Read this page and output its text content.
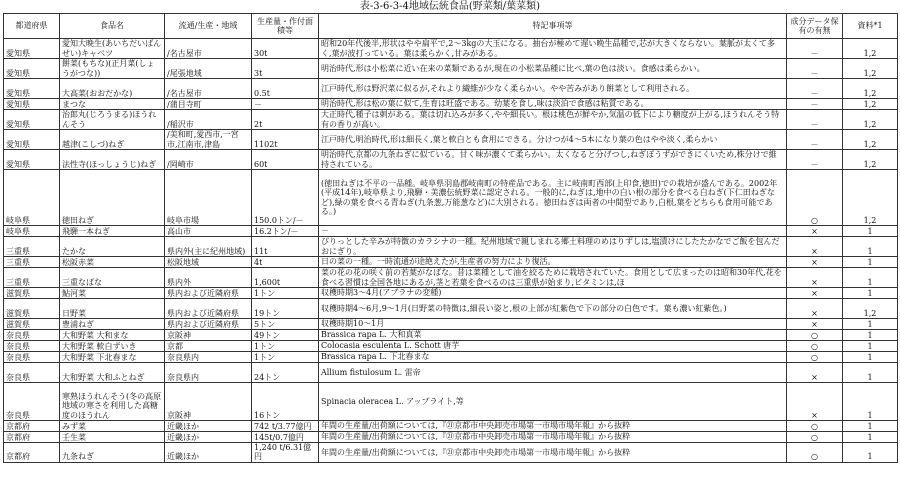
表-3-6-3-4地域伝統食品(野菜類/葉菜類)
都道府県	食品名	流通/生産・地域	生産量・作付面積等	特記事項等	成分データ保有の有無	資料*1
愛知県	愛知大晩生(あいちだいばんせい)キャベツ	/名古屋市	30t	昭和20年代後半,形状はやや扁平で,2～3kgの大玉になる。抽台が極めて遅い晩生品種で,芯が大きくならない。葉脈が太くて多く,葉が波打っている。葉は柔らかく,甘みがある。	－	1,2
愛知県	餅菜(もちな)(正月菜(しょうがつな))	/尾張地域	3t	明治時代,形は小松菜に近い在来の菜類であるが,現在の小松菜品種に比べ,葉の色は淡い。食感は柔らかい。	－	1,2
愛知県	大高菜(おおだかな)	/名古屋市	0.5t	江戸時代,形は野沢菜に似るが,それより繊維が少なく柔らかい。やや苦みがあり餅菜として利用される。	－	1,2
愛知県	まつな	/蒲目寺町	－	明治時代,形は松の葉に似て,生育は旺盛である。幼葉を食し,味は淡泊で食感は粘質である。	－	1,2
愛知県	治郎丸(じろうまる)ほうれんそう	/稲沢市	2t	大正時代,種子は刺がある。葉は切れ込みが多く,やや細長い。根は桃色が鮮やか,気温の低下により糖度が上がる,ほうれんそう特有の香りが高い。	－	1,2
愛知県	越津(こしづ)ねぎ	/美和町,愛西市,一宮市,江南市,津島	1102t	江戸時代,明治時代,形は細長く,葉と軟白とも食用にできる。分けつが4～5本になり葉の色はやや淡く,柔らかい	－	1,2
愛知県	法性寺(ほっしょうじ)ねぎ	/岡崎市	60t	明治時代,京都の九条ねぎに似ている。甘く味が濃くて柔らかい。太くなると分げつし,ねぎぼうずができにくいため,株分けで維持されている。	－	1,2
岐阜県	徳田ねぎ	岐阜市場	150.0トン/－	(徳田ねぎは不平の一品種。岐阜県羽島郡岐南町の特産品である。主に岐南町西部(上印食,徳田)での栽培が盛んである。2002年(平成14年),岐阜県より,飛騨・美濃伝統野菜に認定される。一般的に,ねぎは,地中の白い根の部分を食べる白ねぎ(下仁田ねぎなど),緑の葉を食べる青ねぎ(九条葱,万能葱など)に大別される。徳田ねぎは両者の中間型であり,白根,葉をどちらも食用可能である。)	○	1,2
岐阜県	飛騨一本ねぎ	高山市	16.2トン/－	－	×	1
三重県	たかな	県内外(主に紀州地域)	11t	ぴりっとした辛みが特徴のカラシナの一種。紀州地域で親しまれる郷土料理のめはりずしは,塩漬けにしたたかなでご飯を包んだおにぎり。	×	1
三重県	松阪赤菜	松阪地域	4t	日の菜の一種。一時流通が途絶えたが,生産者の努力により復活。	×	1
三重県	三重なばな	県内外	1,600t	菜の花の花の咲く前の若葉がなばな。昔は菜種として油を絞るために栽培されていた。食用として広まったのは昭和30年代,花を食べる習慣は全国各地にあるが,茎と若葉を食べるのは三重県が始まり,ビタミンは,ほ	×	1
滋賀県	鮎河菜	県内および近隣府県	1トン	収穫時期3～4月(アブラナの変種)	×	1
滋賀県	日野菜	県内および近隣府県	19トン	収穫時期4～6月,9～1月(日野菜の特徴は,細長い姿と,根の上部が紅紫色で下の部分の白色です。葉も濃い紅紫色。)	×	1,2
滋賀県	豊浦ねぎ	県内および近隣府県	5トン	収穫時期10～1月	×	1
奈良県	大和野菜 大和まな	京阪神	49トン	Brassica rapa L. 大和真菜	○	1
奈良県	大和野菜 軟白ずいき	京都	1トン	Colocasia esculenta L. Schott 唐芋	○	1
奈良県	大和野菜 下北春まな	奈良県内	1トン	Brassica rapa L. 下北春まな	○	1
奈良県	大和野菜 大和ふとねぎ	奈良県内	24トン	Allium fistulosum L. 雷帝	×	1
奈良県	寒熟ほうれんそう(冬の高原地域の寒さを利用した高糖度のほうれん	京阪神	16トン	Spinacia oleracea L. アップライト,等	×	1
京都府	みず菜	近畿ほか	742 t/3.77億円	年間の生産量/出荷額については,『㉑京都市中央卸売市場第一市場市場年報』から抜粋	○	1
京都府	壬生菜	近畿ほか	145t/0.7億円	年間の生産量/出荷額については,『㉑京都市中央卸売市場第一市場市場年報』から抜粋	○	1
京都府	九条ねぎ	近畿ほか	1,240 t/6.31億円	年間の生産量/出荷額については,『㉑京都市中央卸売市場第一市場市場年報』から抜粋	○	1
